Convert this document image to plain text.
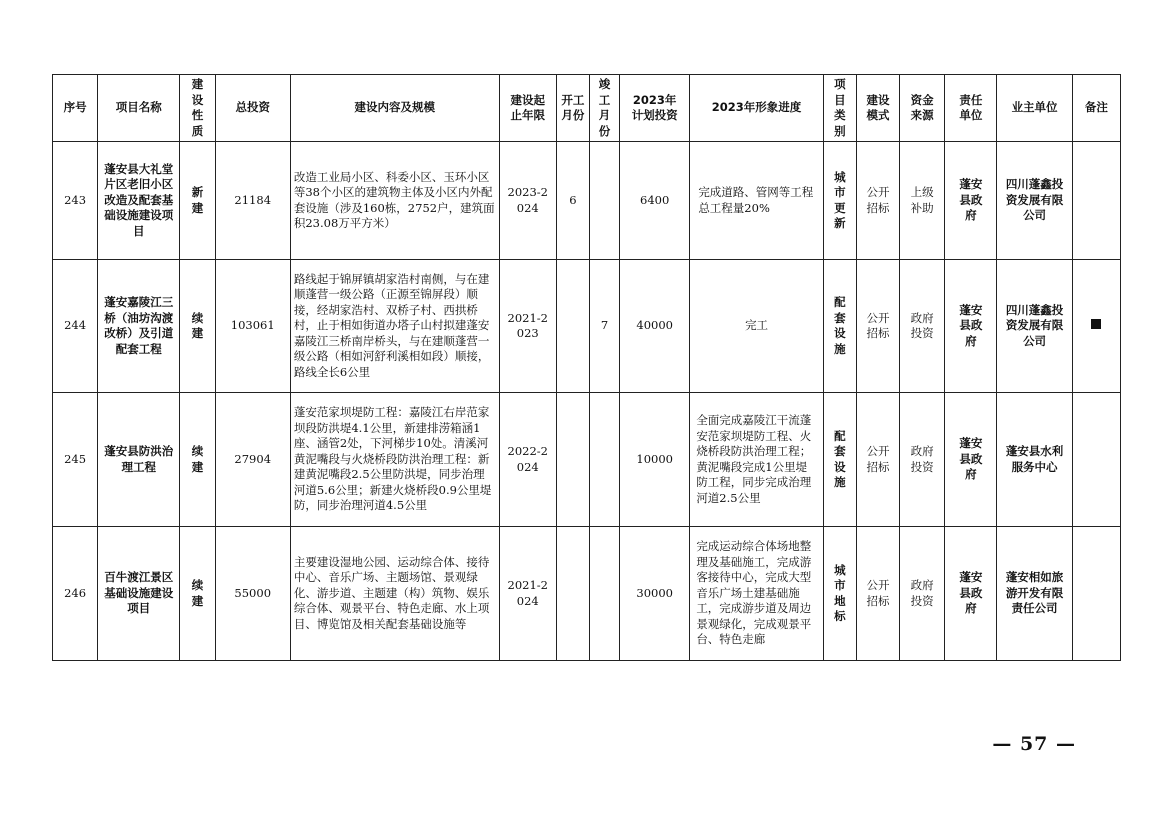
序号	项目名称	建设性质	总投资	建设内容及规模	建设起止年限	开工月份	竣工月份	2023年计划投资	2023年形象进度	项目类别	建设模式	资金来源	责任单位	业主单位	备注
243	蓬安县大礼堂片区老旧小区改造及配套基础设施建设项目	新建	21184	改造工业局小区、科委小区、玉环小区等38个小区的建筑物主体及小区内外配套设施（涉及160栋，2752户，建筑面积23.08万平方米）	2023-2024	6		6400	完成道路、管网等工程总工程量20%	城市更新	公开招标	上级补助	蓬安县政府	四川蓬鑫投资发展有限公司	
244	蓬安嘉陵江三桥（油坊沟渡改桥）及引道配套工程	续建	103061	路线起于锦屏镇胡家浩村南侧，与在建顺蓬营一级公路（正源至锦屏段）顺接，经胡家浩村、双桥子村、西拱桥村，止于相如街道办塔子山村拟建蓬安嘉陵江三桥南岸桥头，与在建顺蓬营一级公路（相如河舒利溪相如段）顺接，路线全长6公里	2021-2023		7	40000	完工	配套设施	公开招标	政府投资	蓬安县政府	四川蓬鑫投资发展有限公司	
245	蓬安县防洪治理工程	续建	27904	蓬安范家坝堤防工程：嘉陵江右岸范家坝段防洪堤4.1公里，新建排涝箱涵1座、涵管2处，下河梯步10处。清溪河黄泥嘴段与火烧桥段防洪治理工程：新建黄泥嘴段2.5公里防洪堤，同步治理河道5.6公里；新建火烧桥段0.9公里堤防，同步治理河道4.5公里	2022-2024			10000	全面完成嘉陵江干流蓬安范家坝堤防工程、火烧桥段防洪治理工程；黄泥嘴段完成1公里堤防工程，同步完成治理河道2.5公里	配套设施	公开招标	政府投资	蓬安县政府	蓬安县水利服务中心	
246	百牛渡江景区基础设施建设项目	续建	55000	主要建设湿地公园、运动综合体、接待中心、音乐广场、主题场馆、景观绿化、游步道、主题建（构）筑物、娱乐综合体、观景平台、特色走廊、水上项目、博览馆及相关配套基础设施等	2021-2024			30000	完成运动综合体场地整理及基础施工，完成游客接待中心，完成大型音乐广场土建基础施工，完成游步道及周边景观绿化，完成观景平台、特色走廊	城市地标	公开招标	政府投资	蓬安县政府	蓬安相如旅游开发有限责任公司	
— 57 —
